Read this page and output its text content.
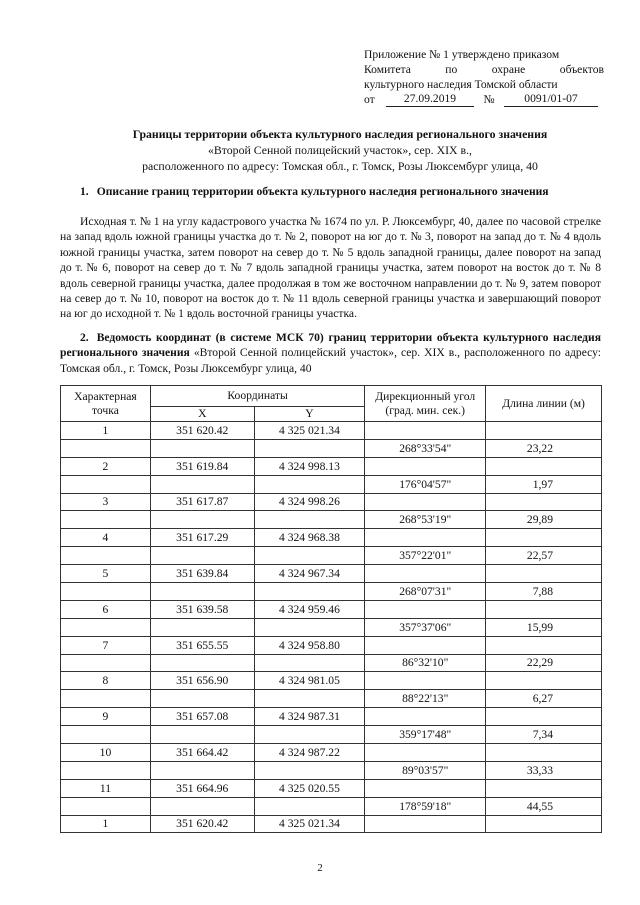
Приложение № 1 утверждено приказом
Комитета	по	охране	объектов
культурного наследия Томской области
от	27.09.2019	№	0091/01-07
Границы территории объекта культурного наследия регионального значения
«Второй Сенной полицейский участок», сер. XIX в.,
расположенного по адресу: Томская обл., г. Томск, Розы Люксембург улица, 40
1. Описание границ территории объекта культурного наследия регионального значения

Исходная т. № 1 на углу кадастрового участка № 1674 по ул. Р. Люксембург, 40, далее по часовой стрелке на запад вдоль южной границы участка до т. № 2, поворот на юг до т. № 3, поворот на запад до т. № 4 вдоль южной границы участка, затем поворот на север до т. № 5 вдоль западной границы, далее поворот на запад до т. № 6, поворот на север до т. № 7 вдоль западной границы участка, затем поворот на восток до т. № 8 вдоль северной границы участка, далее продолжая в том же восточном направлении до т. № 9, затем поворот на север до т. № 10, поворот на восток до т. № 11 вдоль северной границы участка и завершающий поворот на юг до исходной т. № 1 вдоль восточной границы участка.

2. Ведомость координат (в системе МСК 70) границ территории объекта культурного наследия регионального значения «Второй Сенной полицейский участок», сер. XIX в., расположенного по адресу: Томская обл., г. Томск, Розы Люксембург улица, 40

Характерная точка	Координаты		Дирекционный угол (град. мин. сек.)	Длина линии (м)
	X	Y		
1	351 620.42	4 325 021.34		
			268°33'54"	23,22
2	351 619.84	4 324 998.13		
			176°04'57"	1,97
3	351 617.87	4 324 998.26		
			268°53'19"	29,89
4	351 617.29	4 324 968.38		
			357°22'01"	22,57
5	351 639.84	4 324 967.34		
			268°07'31"	7,88
6	351 639.58	4 324 959.46		
			357°37'06"	15,99
7	351 655.55	4 324 958.80		
			86°32'10"	22,29
8	351 656.90	4 324 981.05		
			88°22'13"	6,27
9	351 657.08	4 324 987.31		
			359°17'48"	7,34
10	351 664.42	4 324 987.22		
			89°03'57"	33,33
11	351 664.96	4 325 020.55		
			178°59'18"	44,55
1	351 620.42	4 325 021.34		
2
